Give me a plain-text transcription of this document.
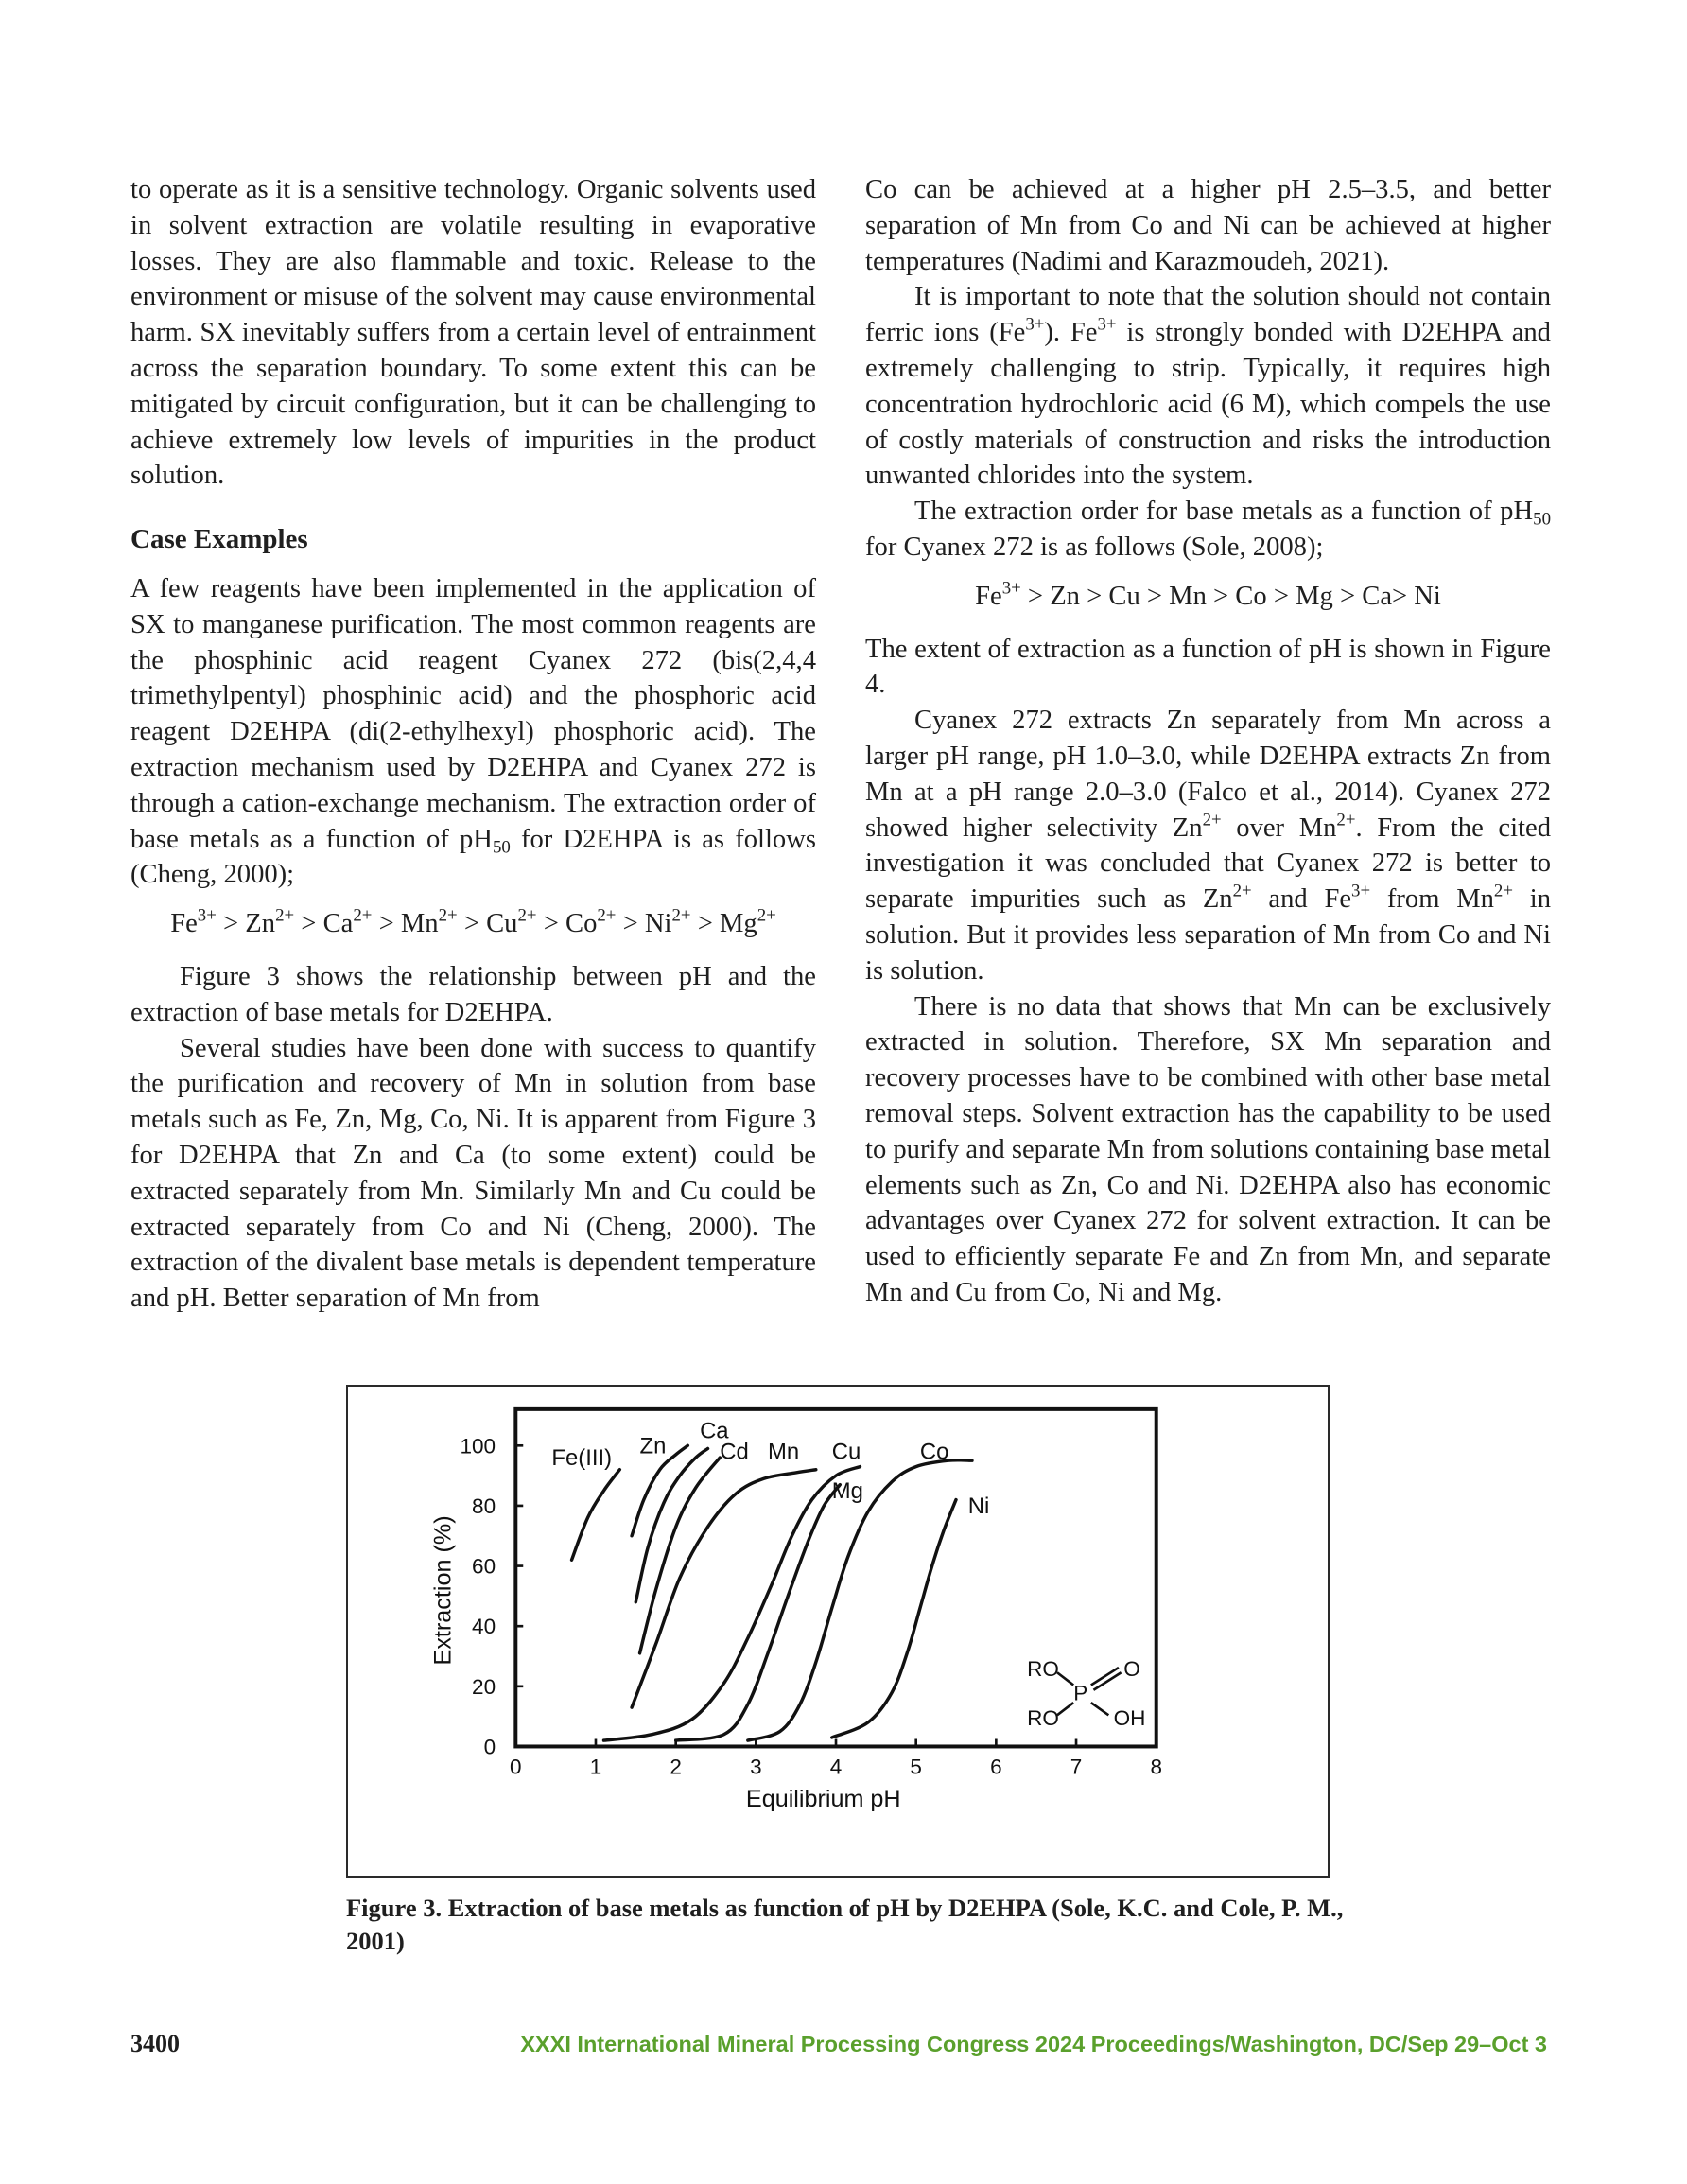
to operate as it is a sensitive technology. Organic solvents used in solvent extraction are volatile resulting in evaporative losses. They are also flammable and toxic. Release to the environment or misuse of the solvent may cause environmental harm. SX inevitably suffers from a certain level of entrainment across the separation boundary. To some extent this can be mitigated by circuit configuration, but it can be challenging to achieve extremely low levels of impurities in the product solution.

Case Examples

A few reagents have been implemented in the application of SX to manganese purification. The most common reagents are the phosphinic acid reagent Cyanex 272 (bis(2,4,4 trimethylpentyl) phosphinic acid) and the phosphoric acid reagent D2EHPA (di(2-ethylhexyl) phosphoric acid). The extraction mechanism used by D2EHPA and Cyanex 272 is through a cation-exchange mechanism. The extraction order of base metals as a function of $pH_{50}$ for D2EHPA is as follows (Cheng, 2000);

$Fe^{3+} > Zn^{2+} > Ca^{2+} > Mn^{2+} > Cu^{2+} > Co^{2+} > Ni^{2+} > Mg^{2+}$

Figure 3 shows the relationship between pH and the extraction of base metals for D2EHPA.

Several studies have been done with success to quantify the purification and recovery of Mn in solution from base metals such as Fe, Zn, Mg, Co, Ni. It is apparent from Figure 3 for D2EHPA that Zn and Ca (to some extent) could be extracted separately from Mn. Similarly Mn and Cu could be extracted separately from Co and Ni (Cheng, 2000). The extraction of the divalent base metals is dependent temperature and pH. Better separation of Mn from

Co can be achieved at a higher pH 2.5–3.5, and better separation of Mn from Co and Ni can be achieved at higher temperatures (Nadimi and Karazmoudeh, 2021).

It is important to note that the solution should not contain ferric ions $(Fe^{3+})$. $Fe^{3+}$ is strongly bonded with D2EHPA and extremely challenging to strip. Typically, it requires high concentration hydrochloric acid (6 M), which compels the use of costly materials of construction and risks the introduction unwanted chlorides into the system.

The extraction order for base metals as a function of $pH_{50}$ for Cyanex 272 is as follows (Sole, 2008);

$Fe^{3+} > Zn > Cu > Mn > Co > Mg > Ca> Ni$

The extent of extraction as a function of pH is shown in Figure 4.

Cyanex 272 extracts Zn separately from Mn across a larger pH range, pH 1.0–3.0, while D2EHPA extracts Zn from Mn at a pH range 2.0–3.0 (Falco et al., 2014). Cyanex 272 showed higher selectivity $Zn^{2+}$ over $Mn^{2+}$. From the cited investigation it was concluded that Cyanex 272 is better to separate impurities such as $Zn^{2+}$ and $Fe^{3+}$ from $Mn^{2+}$ in solution. But it provides less separation of Mn from Co and Ni is solution.

There is no data that shows that Mn can be exclusively extracted in solution. Therefore, SX Mn separation and recovery processes have to be combined with other base metal removal steps. Solvent extraction has the capability to be used to purify and separate Mn from solutions containing base metal elements such as Zn, Co and Ni. D2EHPA also has economic advantages over Cyanex 272 for solvent extraction. It can be used to efficiently separate Fe and Zn from Mn, and separate Mn and Cu from Co, Ni and Mg.

0
20
40
60
80
100
0	1	2	3	4	5	6	7	8
Equilibrium pH
Extraction (%)
Fe(III) Zn
Ca
Cd Mn Cu
Mg
Co
Ni
RO
RO
P
O
OH
Figure 3. Extraction of base metals as function of pH by D2EHPA (Sole, K.C. and Cole, P. M., 2001)
3400	XXXI International Mineral Processing Congress 2024 Proceedings/Washington, DC/Sep 29–Oct 3
